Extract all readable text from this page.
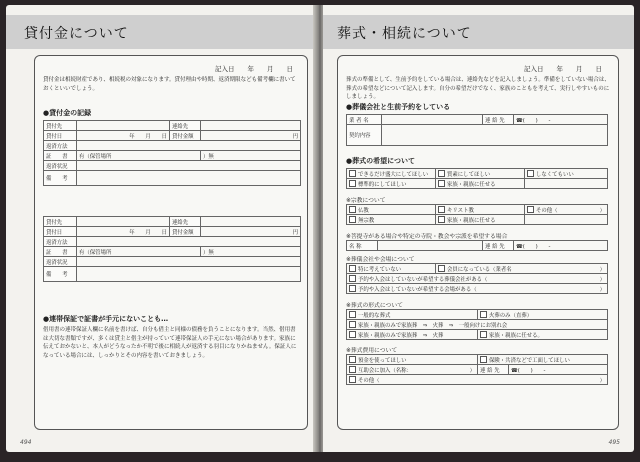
貸付金について
記入日　　年　　月　　日
貸付金は相続財産であり、相続税の対象になります。貸付理由や時期、返済期限なども備考欄に書いておくといいでしょう。
●貸付金の記録
貸付先		連絡先	
貸付日	年　　月　　日	貸付金額	円
返済方法			
証　　書	有（保管場所		）無
返済状況			
備　　考			
貸付先		連絡先	
貸付日	年　　月　　日	貸付金額	円
返済方法			
証　　書	有（保管場所		）無
返済状況			
備　　考			
●連帯保証で証書が手元にないことも…
借用書の連帯保証人欄に名前を書けば、自分も借主と同様の債務を負うことになります。当然、借用書は大切な書類ですが、多くは貸主と借主が持っていて連帯保証人の手元にない場合があります。家族に伝えておかないと、本人がどうなったか不明で後に相続人が返済する羽目になりかねません。保証人になっている場合には、しっかりとその内容を書いておきましょう。
494
葬式・相続について
記入日　　年　　月　　日
葬式の準備として、生前予約をしている場合は、連絡先などを記入しましょう。準備をしていない場合は、葬式の希望などについて記入します。自分の希望だけでなく、家族のこともを考えて、実行しやすいものにしましょう。
●葬儀会社と生前予約をしている
業 者 名		連 絡 先	☎(　　)　　-
契約内容			
●葬式の希望について
できるだけ盛大にしてほしい	質素にしてほしい	しなくてもいい
標準的にしてほしい	家族・親族に任せる	
※宗教について
仏教	キリスト教	その他（ ）

無宗教	家族・親族に任せる	
※菩提寺がある場合や特定の寺院・教会や宗派を希望する場合
名 称		連 絡 先	☎(　　)　　-
※葬儀会社や会場について
特に考えていない	会員になっている（業者名	）

予約や入会はしていないが希望する葬儀会社がある（	）

予約や入会はしていないが希望する会場がある（	）
※葬式の形式について
一般的な葬式	火葬のみ（直葬）
家族・親族のみで家族葬　⇒　火葬　⇒　一般向けにお別れ会	
家族・親族のみで家族葬　⇒　火葬	家族・親族に任せる。
※葬式費用について
預金を使ってほしい	保険・共済などで工面してほしい	
互助会に加入（名称： ）	連 絡 先	☎(　　)　　-
その他（ ）		
495
